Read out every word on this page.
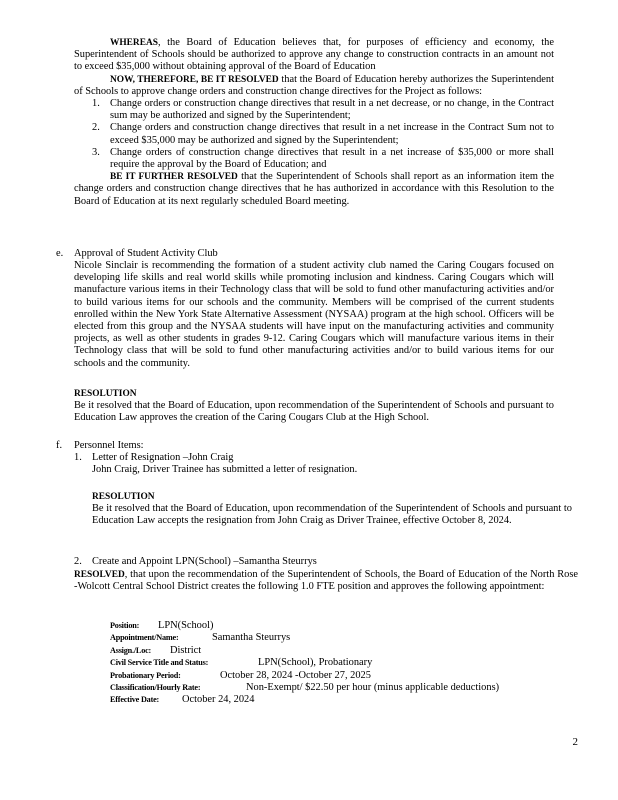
WHEREAS, the Board of Education believes that, for purposes of efficiency and economy, the Superintendent of Schools should be authorized to approve any change to construction contracts in an amount not to exceed $35,000 without obtaining approval of the Board of Education

NOW, THEREFORE, BE IT RESOLVED that the Board of Education hereby authorizes the Superintendent of Schools to approve change orders and construction change directives for the Project as follows:

1. Change orders or construction change directives that result in a net decrease, or no change, in the Contract sum may be authorized and signed by the Superintendent;
2. Change orders and construction change directives that result in a net increase in the Contract Sum not to exceed $35,000 may be authorized and signed by the Superintendent;
3. Change orders of construction change directives that result in a net increase of $35,000 or more shall require the approval by the Board of Education; and

BE IT FURTHER RESOLVED that the Superintendent of Schools shall report as an information item the change orders and construction change directives that he has authorized in accordance with this Resolution to the Board of Education at its next regularly scheduled Board meeting.

e. Approval of Student Activity Club

Nicole Sinclair is recommending the formation of a student activity club named the Caring Cougars focused on developing life skills and real world skills while promoting inclusion and kindness. Caring Cougars which will manufacture various items in their Technology class that will be sold to fund other manufacturing activities and/or to build various items for our schools and the community. Members will be comprised of the current students enrolled within the New York State Alternative Assessment (NYSAA) program at the high school. Officers will be elected from this group and the NYSAA students will have input on the manufacturing activities and community projects, as well as other students in grades 9-12. Caring Cougars which will manufacture various items in their Technology class that will be sold to fund other manufacturing activities and/or to build various items for our schools and the community.

RESOLUTION

Be it resolved that the Board of Education, upon recommendation of the Superintendent of Schools and pursuant to Education Law approves the creation of the Caring Cougars Club at the High School.

f. Personnel Items:
1. Letter of Resignation –John Craig

John Craig, Driver Trainee has submitted a letter of resignation.

RESOLUTION

Be it resolved that the Board of Education, upon recommendation of the Superintendent of Schools and pursuant to Education Law accepts the resignation from John Craig as Driver Trainee, effective October 8, 2024.

2. Create and Appoint LPN(School) –Samantha Steurrys

RESOLVED, that upon the recommendation of the Superintendent of Schools, the Board of Education of the North Rose -Wolcott Central School District creates the following 1.0 FTE position and approves the following appointment:

Position: LPN(School)
Appointment/Name:	Samantha Steurrys
Assign./Loc: District
Civil Service Title and Status:	LPN(School), Probationary
Probationary Period:	October 28, 2024 -October 27, 2025
Classification/Hourly Rate:	Non-Exempt/ $22.50 per hour (minus applicable deductions)
Effective Date: October 24, 2024
2
